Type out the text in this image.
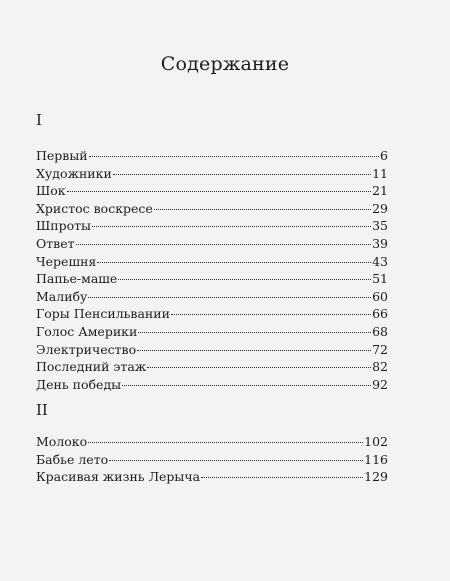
Содержание
I
Первый	6
Художники	11
Шок	21
Христос воскресе	29
Шпроты	35
Ответ	39
Черешня	43
Папье-маше	51
Малибу	60
Горы Пенсильвании	66
Голос Америки	68
Электричество	72
Последний этаж	82
День победы	92
II
Молоко	102
Бабье лето	116
Красивая жизнь Лерыча	129
